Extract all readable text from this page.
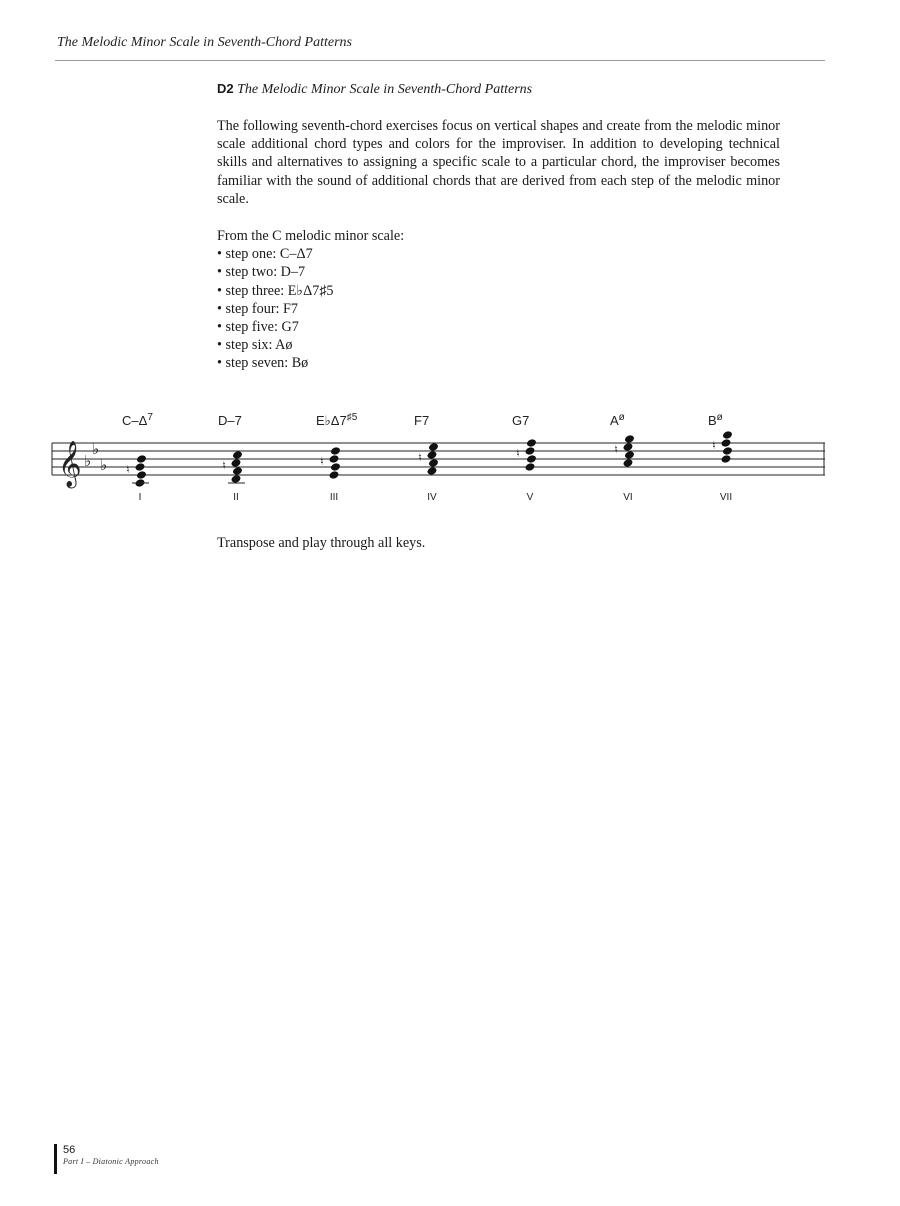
The Melodic Minor Scale in Seventh-Chord Patterns
D2 The Melodic Minor Scale in Seventh-Chord Patterns

The following seventh-chord exercises focus on vertical shapes and create from the melodic minor scale additional chord types and colors for the improviser. In addition to developing technical skills and alternatives to assigning a specific scale to a particular chord, the improviser becomes familiar with the sound of additional chords that are derived from each step of the melodic minor scale.

From the C melodic minor scale:
• step one: C–Δ7
• step two: D–7
• step three: E♭Δ7♯5
• step four: F7
• step five: G7
• step six: Aø
• step seven: Bø
𝄞 ♭
♭
♭
$C-\Delta^7$
♮
I
D–7
♮
II
$E♭\Delta 7^{♯5}$
♮
III
F7
♮
IV
G7
♮
V
$A^ø$
♮
VI
$B^ø$
♮
VII
Transpose and play through all keys.
56
Part I – Diatonic Approach
